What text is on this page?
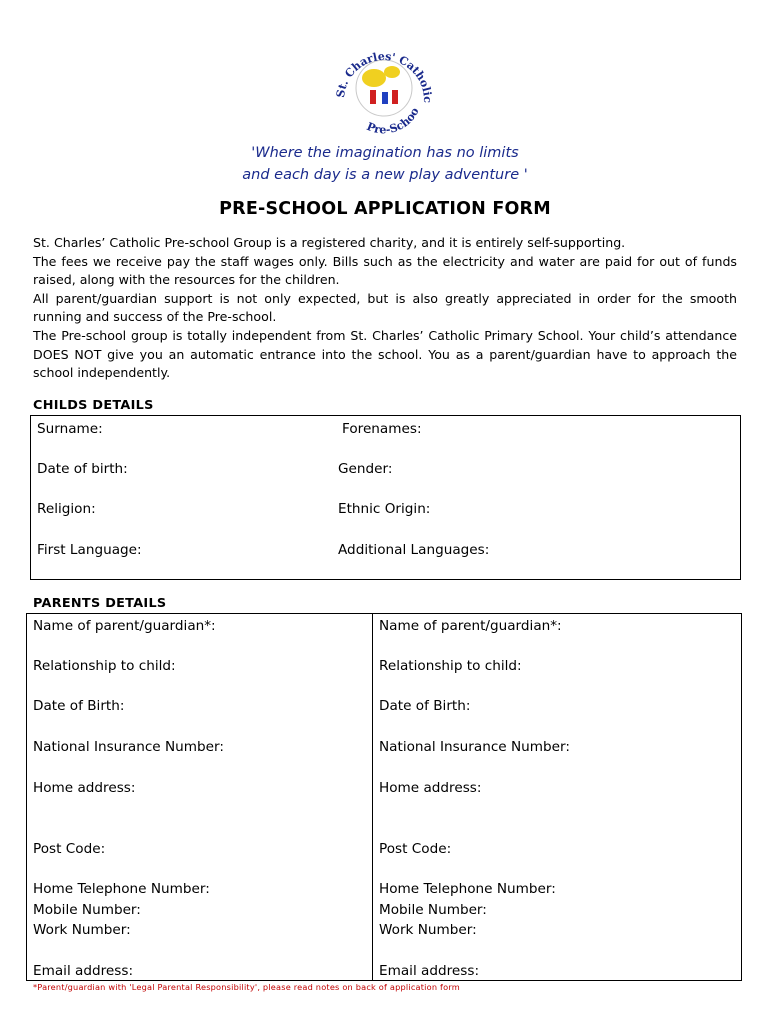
St. Charles' Catholic
Pre-Schoo
'Where the imagination has no limits
and each day is a new play adventure '
PRE-SCHOOL APPLICATION FORM

St. Charles’ Catholic Pre-school Group is a registered charity, and it is entirely self-supporting.

The fees we receive pay the staff wages only. Bills such as the electricity and water are paid for out of funds raised, along with the resources for the children.

All parent/guardian support is not only expected, but is also greatly appreciated in order for the smooth running and success of the Pre-school.

The Pre-school group is totally independent from St. Charles’ Catholic Primary School. Your child’s attendance DOES NOT give you an automatic entrance into the school. You as a parent/guardian have to approach the school independently.

CHILDS DETAILS
Surname:	Forenames:
Date of birth:	Gender:
Religion:	Ethnic Origin:
First Language:	Additional Languages:
PARENTS DETAILS
Name of parent/guardian*:
Relationship to child:
Date of Birth:
National Insurance Number:
Home address:
Post Code:
Home Telephone Number:
Mobile Number:
Work Number:
Email address:
Name of parent/guardian*:
Relationship to child:
Date of Birth:
National Insurance Number:
Home address:
Post Code:
Home Telephone Number:
Mobile Number:
Work Number:
Email address:
*Parent/guardian with 'Legal Parental Responsibility', please read notes on back of application form
